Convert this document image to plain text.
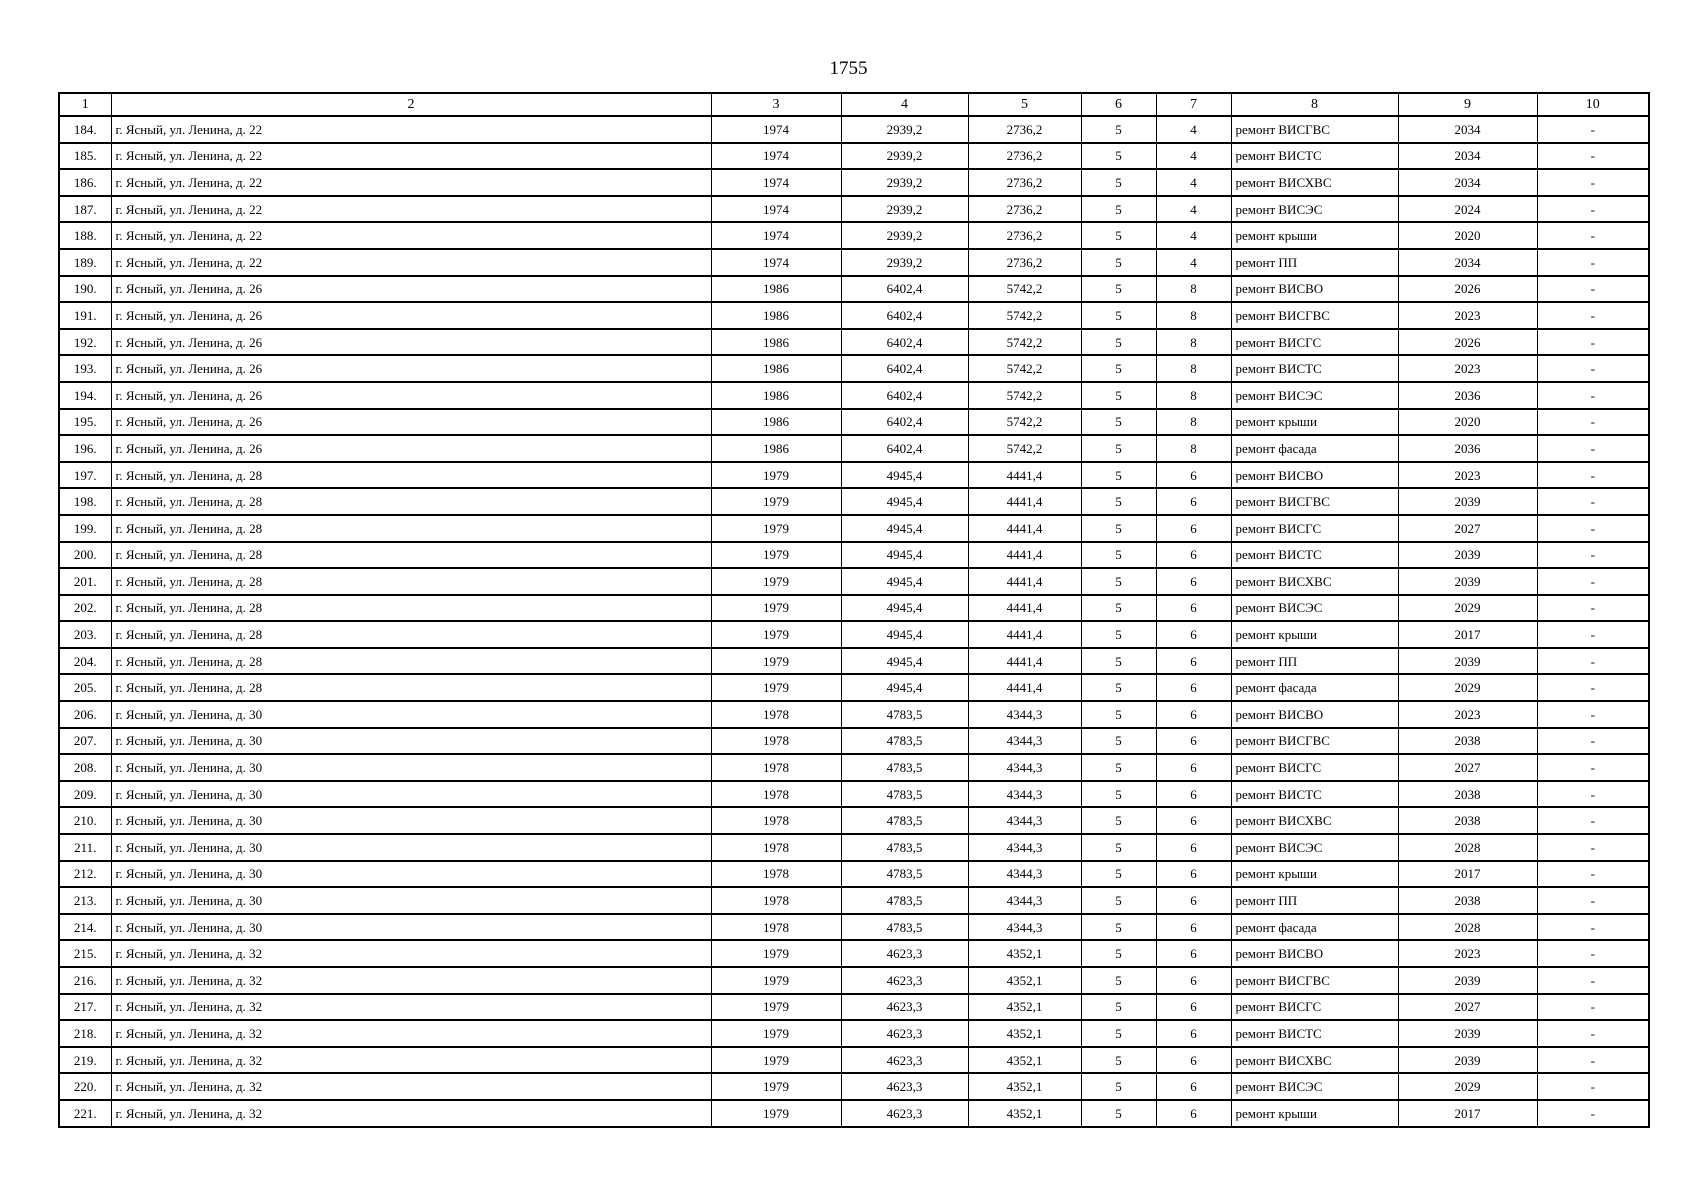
1755
1	2	3	4	5	6	7	8	9	10
184.	г. Ясный, ул. Ленина, д. 22	1974	2939,2	2736,2	5	4	ремонт ВИСГВС	2034	-
185.	г. Ясный, ул. Ленина, д. 22	1974	2939,2	2736,2	5	4	ремонт ВИСТС	2034	-
186.	г. Ясный, ул. Ленина, д. 22	1974	2939,2	2736,2	5	4	ремонт ВИСХВС	2034	-
187.	г. Ясный, ул. Ленина, д. 22	1974	2939,2	2736,2	5	4	ремонт ВИСЭС	2024	-
188.	г. Ясный, ул. Ленина, д. 22	1974	2939,2	2736,2	5	4	ремонт крыши	2020	-
189.	г. Ясный, ул. Ленина, д. 22	1974	2939,2	2736,2	5	4	ремонт ПП	2034	-
190.	г. Ясный, ул. Ленина, д. 26	1986	6402,4	5742,2	5	8	ремонт ВИСВО	2026	-
191.	г. Ясный, ул. Ленина, д. 26	1986	6402,4	5742,2	5	8	ремонт ВИСГВС	2023	-
192.	г. Ясный, ул. Ленина, д. 26	1986	6402,4	5742,2	5	8	ремонт ВИСГС	2026	-
193.	г. Ясный, ул. Ленина, д. 26	1986	6402,4	5742,2	5	8	ремонт ВИСТС	2023	-
194.	г. Ясный, ул. Ленина, д. 26	1986	6402,4	5742,2	5	8	ремонт ВИСЭС	2036	-
195.	г. Ясный, ул. Ленина, д. 26	1986	6402,4	5742,2	5	8	ремонт крыши	2020	-
196.	г. Ясный, ул. Ленина, д. 26	1986	6402,4	5742,2	5	8	ремонт фасада	2036	-
197.	г. Ясный, ул. Ленина, д. 28	1979	4945,4	4441,4	5	6	ремонт ВИСВО	2023	-
198.	г. Ясный, ул. Ленина, д. 28	1979	4945,4	4441,4	5	6	ремонт ВИСГВС	2039	-
199.	г. Ясный, ул. Ленина, д. 28	1979	4945,4	4441,4	5	6	ремонт ВИСГС	2027	-
200.	г. Ясный, ул. Ленина, д. 28	1979	4945,4	4441,4	5	6	ремонт ВИСТС	2039	-
201.	г. Ясный, ул. Ленина, д. 28	1979	4945,4	4441,4	5	6	ремонт ВИСХВС	2039	-
202.	г. Ясный, ул. Ленина, д. 28	1979	4945,4	4441,4	5	6	ремонт ВИСЭС	2029	-
203.	г. Ясный, ул. Ленина, д. 28	1979	4945,4	4441,4	5	6	ремонт крыши	2017	-
204.	г. Ясный, ул. Ленина, д. 28	1979	4945,4	4441,4	5	6	ремонт ПП	2039	-
205.	г. Ясный, ул. Ленина, д. 28	1979	4945,4	4441,4	5	6	ремонт фасада	2029	-
206.	г. Ясный, ул. Ленина, д. 30	1978	4783,5	4344,3	5	6	ремонт ВИСВО	2023	-
207.	г. Ясный, ул. Ленина, д. 30	1978	4783,5	4344,3	5	6	ремонт ВИСГВС	2038	-
208.	г. Ясный, ул. Ленина, д. 30	1978	4783,5	4344,3	5	6	ремонт ВИСГС	2027	-
209.	г. Ясный, ул. Ленина, д. 30	1978	4783,5	4344,3	5	6	ремонт ВИСТС	2038	-
210.	г. Ясный, ул. Ленина, д. 30	1978	4783,5	4344,3	5	6	ремонт ВИСХВС	2038	-
211.	г. Ясный, ул. Ленина, д. 30	1978	4783,5	4344,3	5	6	ремонт ВИСЭС	2028	-
212.	г. Ясный, ул. Ленина, д. 30	1978	4783,5	4344,3	5	6	ремонт крыши	2017	-
213.	г. Ясный, ул. Ленина, д. 30	1978	4783,5	4344,3	5	6	ремонт ПП	2038	-
214.	г. Ясный, ул. Ленина, д. 30	1978	4783,5	4344,3	5	6	ремонт фасада	2028	-
215.	г. Ясный, ул. Ленина, д. 32	1979	4623,3	4352,1	5	6	ремонт ВИСВО	2023	-
216.	г. Ясный, ул. Ленина, д. 32	1979	4623,3	4352,1	5	6	ремонт ВИСГВС	2039	-
217.	г. Ясный, ул. Ленина, д. 32	1979	4623,3	4352,1	5	6	ремонт ВИСГС	2027	-
218.	г. Ясный, ул. Ленина, д. 32	1979	4623,3	4352,1	5	6	ремонт ВИСТС	2039	-
219.	г. Ясный, ул. Ленина, д. 32	1979	4623,3	4352,1	5	6	ремонт ВИСХВС	2039	-
220.	г. Ясный, ул. Ленина, д. 32	1979	4623,3	4352,1	5	6	ремонт ВИСЭС	2029	-
221.	г. Ясный, ул. Ленина, д. 32	1979	4623,3	4352,1	5	6	ремонт крыши	2017	-
